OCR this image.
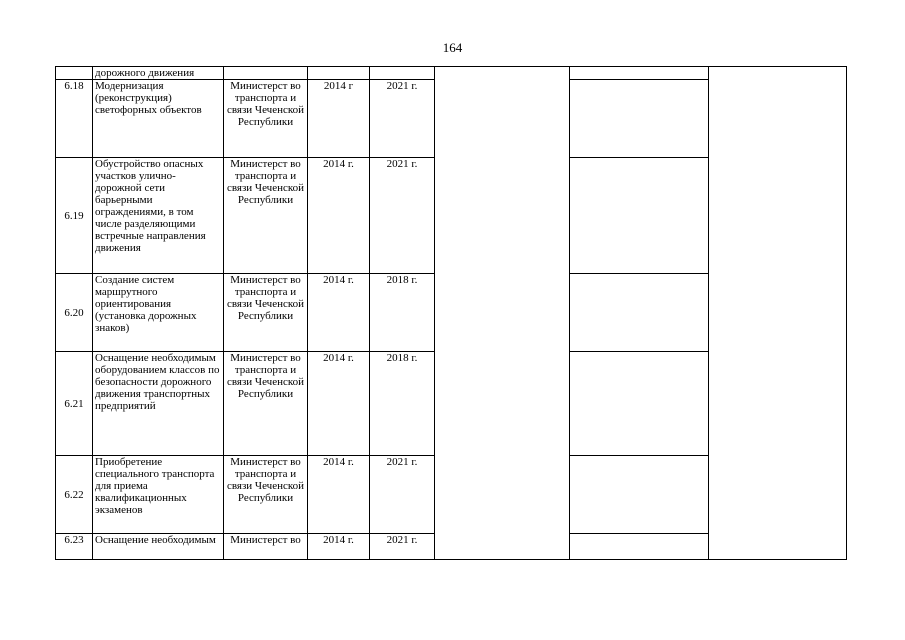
164
	дорожного движения						
6.18	Модернизация (реконструкция) светофорных объектов	Министерст во транспорта и связи Чеченской Республики	2014 г	2021 г.			
6.19	Обустройство опасных участков улично-дорожной сети барьерными ограждениями, в том числе разделяющими встречные направления движения	Министерст во транспорта и связи Чеченской Республики	2014 г.	2021 г.			
6.20	Создание систем маршрутного ориентирования (установка дорожных знаков)	Министерст во транспорта и связи Чеченской Республики	2014 г.	2018 г.			
6.21	Оснащение необходимым оборудованием классов по безопасности дорожного движения транспортных предприятий	Министерст во транспорта и связи Чеченской Республики	2014 г.	2018 г.			
6.22	Приобретение специального транспорта для приема квалификационных экзаменов	Министерст во транспорта и связи Чеченской Республики	2014 г.	2021 г.			
6.23	Оснащение необходимым	Министерст во	2014 г.	2021 г.			
